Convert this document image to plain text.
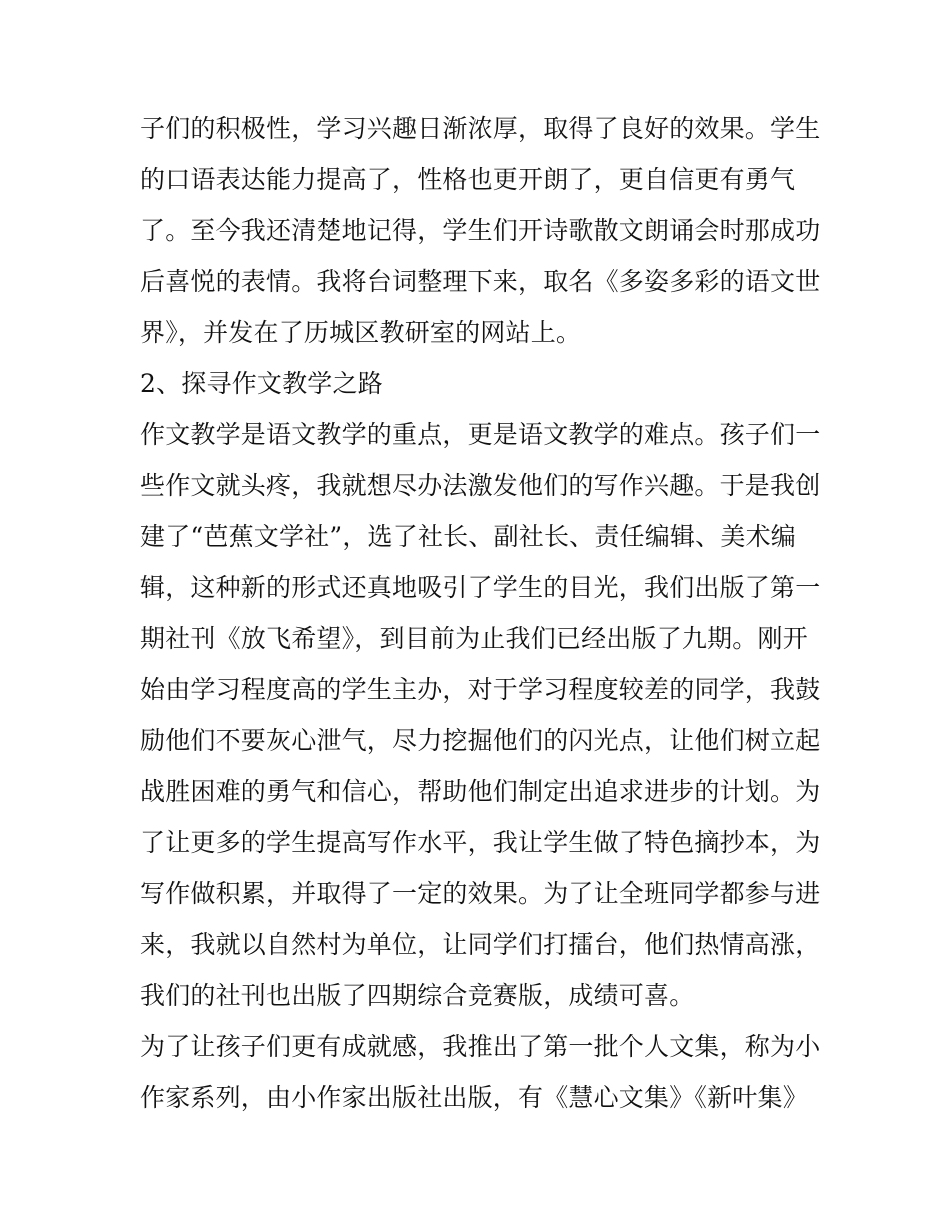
子们的积极性，学习兴趣日渐浓厚，取得了良好的效果。学生
的口语表达能力提高了，性格也更开朗了，更自信更有勇气
了。至今我还清楚地记得，学生们开诗歌散文朗诵会时那成功
后喜悦的表情。我将台词整理下来，取名《多姿多彩的语文世
界》，并发在了历城区教研室的网站上。
2、探寻作文教学之路
作文教学是语文教学的重点，更是语文教学的难点。孩子们一
些作文就头疼，我就想尽办法激发他们的写作兴趣。于是我创
建了“芭蕉文学社”，选了社长、副社长、责任编辑、美术编
辑，这种新的形式还真地吸引了学生的目光，我们出版了第一
期社刊《放飞希望》，到目前为止我们已经出版了九期。刚开
始由学习程度高的学生主办，对于学习程度较差的同学，我鼓
励他们不要灰心泄气，尽力挖掘他们的闪光点，让他们树立起
战胜困难的勇气和信心，帮助他们制定出追求进步的计划。为
了让更多的学生提高写作水平，我让学生做了特色摘抄本，为
写作做积累，并取得了一定的效果。为了让全班同学都参与进
来，我就以自然村为单位，让同学们打擂台，他们热情高涨，
我们的社刊也出版了四期综合竞赛版，成绩可喜。
为了让孩子们更有成就感，我推出了第一批个人文集，称为小
作家系列，由小作家出版社出版，有《慧心文集》《新叶集》
